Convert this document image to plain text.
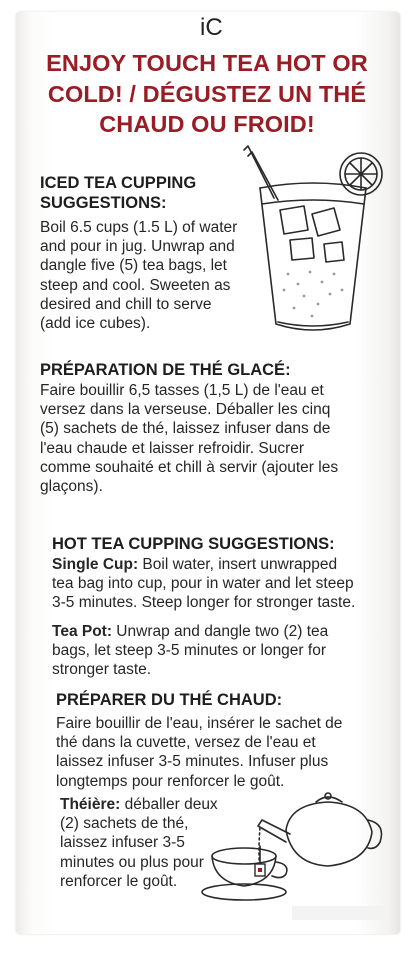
iC
ENJOY TOUCH TEA HOT OR
COLD! / DÉGUSTEZ UN THÉ
CHAUD OU FROID!
ICED TEA CUPPING
SUGGESTIONS:
Boil 6.5 cups (1.5 L) of water
and pour in jug. Unwrap and
dangle five (5) tea bags, let
steep and cool. Sweeten as
desired and chill to serve
(add ice cubes).
PRÉPARATION DE THÉ GLACÉ:
Faire bouillir 6,5 tasses (1,5 L) de l'eau et
versez dans la verseuse. Déballer les cinq
(5) sachets de thé, laissez infuser dans de
l'eau chaude et laisser refroidir. Sucrer
comme souhaité et chill à servir (ajouter les
glaçons).
HOT TEA CUPPING SUGGESTIONS:
Single Cup: Boil water, insert unwrapped
tea bag into cup, pour in water and let steep
3-5 minutes. Steep longer for stronger taste.
Tea Pot: Unwrap and dangle two (2) tea
bags, let steep 3-5 minutes or longer for
stronger taste.
PRÉPARER DU THÉ CHAUD:
Faire bouillir de l'eau, insérer le sachet de
thé dans la cuvette, versez de l'eau et
laissez infuser 3-5 minutes. Infuser plus
longtemps pour renforcer le goût.
Théière: déballer deux
(2) sachets de thé,
laissez infuser 3-5
minutes ou plus pour
renforcer le goût.
